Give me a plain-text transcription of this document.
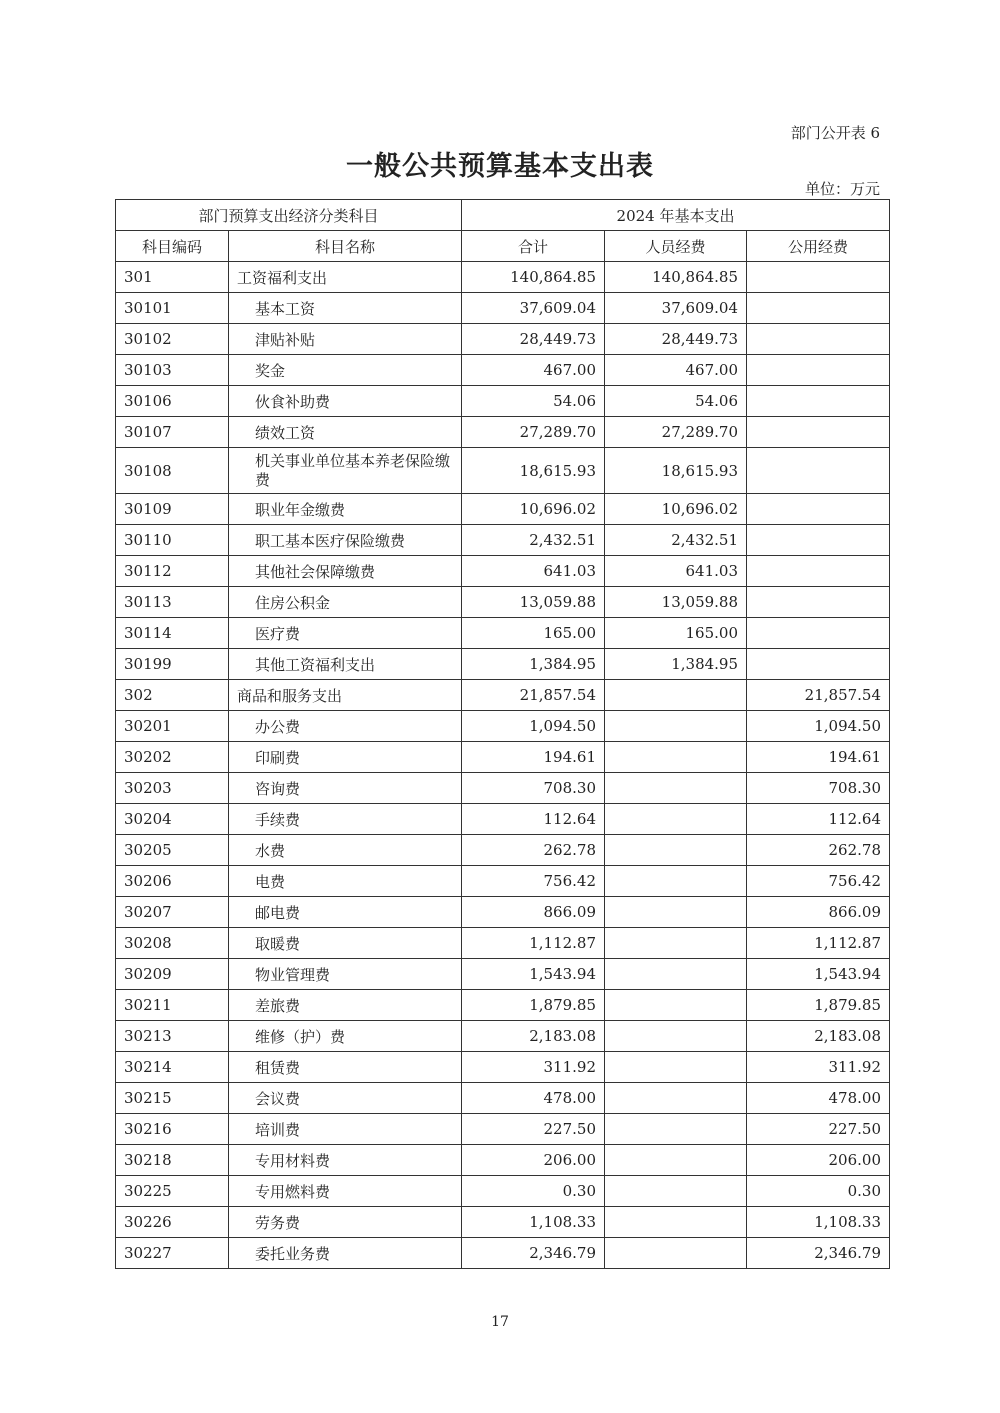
部门公开表 6
一般公共预算基本支出表
单位：万元
部门预算支出经济分类科目		2024 年基本支出		
科目编码	科目名称	合计	人员经费	公用经费
301	工资福利支出	140,864.85	140,864.85	
30101	基本工资	37,609.04	37,609.04	
30102	津贴补贴	28,449.73	28,449.73	
30103	奖金	467.00	467.00	
30106	伙食补助费	54.06	54.06	
30107	绩效工资	27,289.70	27,289.70	
30108	机关事业单位基本养老保险缴费	18,615.93	18,615.93	
30109	职业年金缴费	10,696.02	10,696.02	
30110	职工基本医疗保险缴费	2,432.51	2,432.51	
30112	其他社会保障缴费	641.03	641.03	
30113	住房公积金	13,059.88	13,059.88	
30114	医疗费	165.00	165.00	
30199	其他工资福利支出	1,384.95	1,384.95	
302	商品和服务支出	21,857.54		21,857.54
30201	办公费	1,094.50		1,094.50
30202	印刷费	194.61		194.61
30203	咨询费	708.30		708.30
30204	手续费	112.64		112.64
30205	水费	262.78		262.78
30206	电费	756.42		756.42
30207	邮电费	866.09		866.09
30208	取暖费	1,112.87		1,112.87
30209	物业管理费	1,543.94		1,543.94
30211	差旅费	1,879.85		1,879.85
30213	维修（护）费	2,183.08		2,183.08
30214	租赁费	311.92		311.92
30215	会议费	478.00		478.00
30216	培训费	227.50		227.50
30218	专用材料费	206.00		206.00
30225	专用燃料费	0.30		0.30
30226	劳务费	1,108.33		1,108.33
30227	委托业务费	2,346.79		2,346.79
17
